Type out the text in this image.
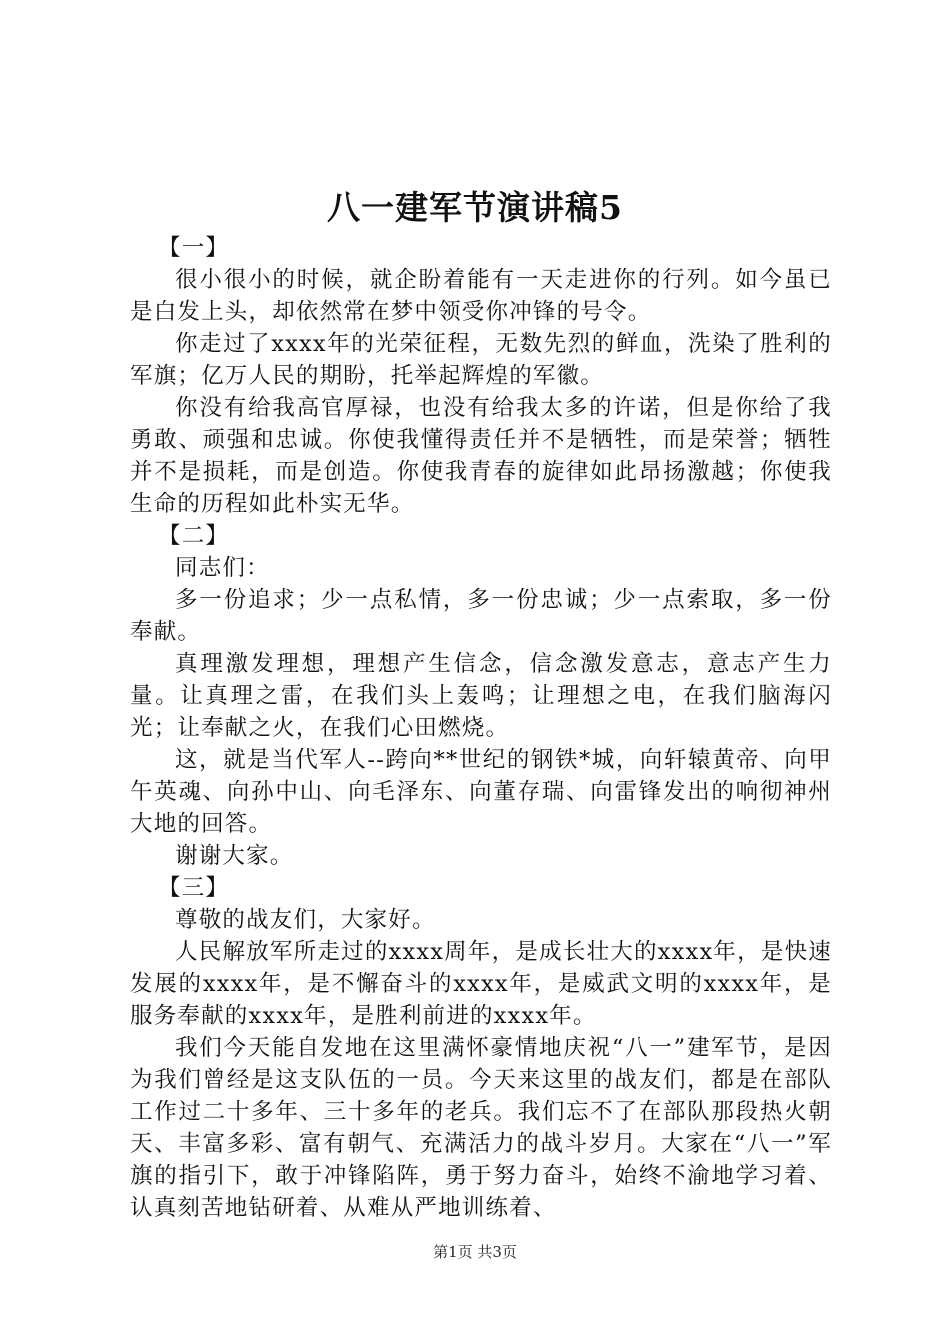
八一建军节演讲稿5

【一】

很小很小的时候，就企盼着能有一天走进你的行列。如今虽已是白发上头，却依然常在梦中领受你冲锋的号令。

你走过了xxxx年的光荣征程，无数先烈的鲜血，洗染了胜利的军旗；亿万人民的期盼，托举起辉煌的军徽。

你没有给我高官厚禄，也没有给我太多的许诺，但是你给了我勇敢、顽强和忠诚。你使我懂得责任并不是牺牲，而是荣誉；牺牲并不是损耗，而是创造。你使我青春的旋律如此昂扬激越；你使我生命的历程如此朴实无华。

【二】

同志们：

多一份追求；少一点私情，多一份忠诚；少一点索取，多一份奉献。

真理激发理想，理想产生信念，信念激发意志，意志产生力量。让真理之雷，在我们头上轰鸣；让理想之电，在我们脑海闪光；让奉献之火，在我们心田燃烧。

这，就是当代军人--跨向**世纪的钢铁*城，向轩辕黄帝、向甲午英魂、向孙中山、向毛泽东、向董存瑞、向雷锋发出的响彻神州大地的回答。

谢谢大家。

【三】

尊敬的战友们，大家好。

人民解放军所走过的xxxx周年，是成长壮大的xxxx年，是快速发展的xxxx年，是不懈奋斗的xxxx年，是威武文明的xxxx年，是服务奉献的xxxx年，是胜利前进的xxxx年。

我们今天能自发地在这里满怀豪情地庆祝“八一”建军节，是因为我们曾经是这支队伍的一员。今天来这里的战友们，都是在部队工作过二十多年、三十多年的老兵。我们忘不了在部队那段热火朝天、丰富多彩、富有朝气、充满活力的战斗岁月。大家在“八一”军旗的指引下，敢于冲锋陷阵，勇于努力奋斗，始终不渝地学习着、认真刻苦地钻研着、从难从严地训练着、

第1页 共3页
